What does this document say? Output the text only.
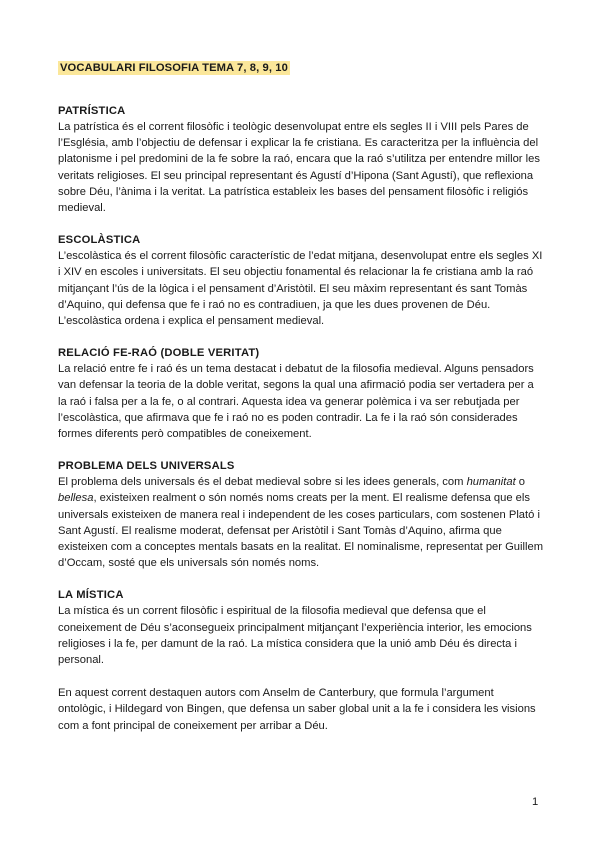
VOCABULARI FILOSOFIA TEMA 7, 8, 9, 10

PATRÍSTICA

La patrística és el corrent filosòfic i teològic desenvolupat entre els segles II i VIII pels Pares de l’Església, amb l’objectiu de defensar i explicar la fe cristiana. Es caracteritza per la influència del platonisme i pel predomini de la fe sobre la raó, encara que la raó s’utilitza per entendre millor les veritats religioses. El seu principal representant és Agustí d’Hipona (Sant Agustí), que reflexiona sobre Déu, l’ànima i la veritat. La patrística estableix les bases del pensament filosòfic i religiós medieval.

ESCOLÀSTICA

L’escolàstica és el corrent filosòfic característic de l’edat mitjana, desenvolupat entre els segles XI i XIV en escoles i universitats. El seu objectiu fonamental és relacionar la fe cristiana amb la raó mitjançant l’ús de la lògica i el pensament d’Aristòtil. El seu màxim representant és sant Tomàs d’Aquino, qui defensa que fe i raó no es contradiuen, ja que les dues provenen de Déu. L’escolàstica ordena i explica el pensament medieval.

RELACIÓ FE-RAÓ (DOBLE VERITAT)

La relació entre fe i raó és un tema destacat i debatut de la filosofia medieval. Alguns pensadors van defensar la teoria de la doble veritat, segons la qual una afirmació podia ser vertadera per a la raó i falsa per a la fe, o al contrari. Aquesta idea va generar polèmica i va ser rebutjada per l’escolàstica, que afirmava que fe i raó no es poden contradir. La fe i la raó són considerades formes diferents però compatibles de coneixement.

PROBLEMA DELS UNIVERSALS

El problema dels universals és el debat medieval sobre si les idees generals, com humanitat o bellesa, existeixen realment o són només noms creats per la ment. El realisme defensa que els universals existeixen de manera real i independent de les coses particulars, com sostenen Plató i Sant Agustí. El realisme moderat, defensat per Aristòtil i Sant Tomàs d’Aquino, afirma que existeixen com a conceptes mentals basats en la realitat. El nominalisme, representat per Guillem d’Occam, sosté que els universals són només noms.

LA MÍSTICA

La mística és un corrent filosòfic i espiritual de la filosofia medieval que defensa que el coneixement de Déu s’aconsegueix principalment mitjançant l’experiència interior, les emocions religioses i la fe, per damunt de la raó. La mística considera que la unió amb Déu és directa i personal.

En aquest corrent destaquen autors com Anselm de Canterbury, que formula l’argument ontològic, i Hildegard von Bingen, que defensa un saber global unit a la fe i considera les visions com a font principal de coneixement per arribar a Déu.

1
